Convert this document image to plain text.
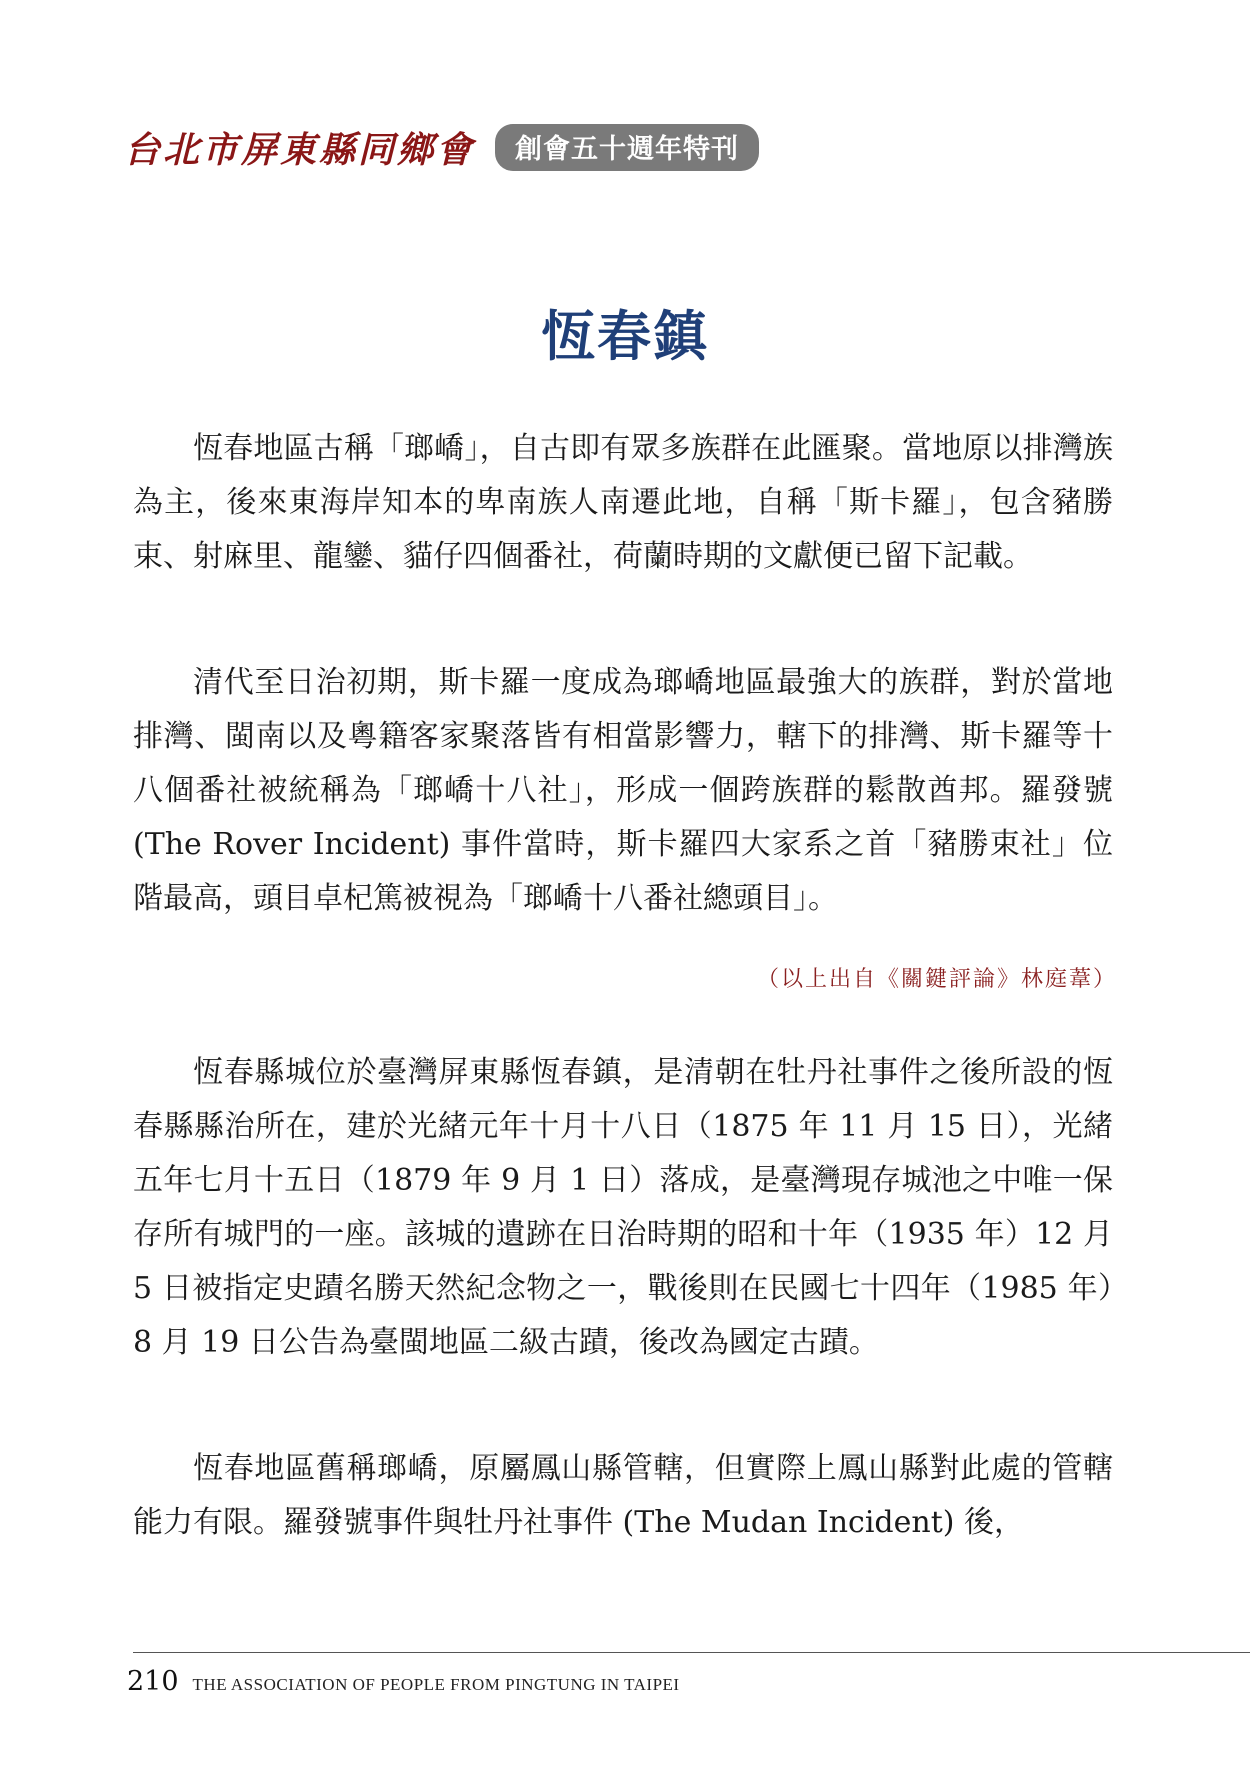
台北市屏東縣同鄉會	創會五十週年特刊
恆春鎮

恆春地區古稱「瑯嶠」，自古即有眾多族群在此匯聚。當地原以排灣族為主，後來東海岸知本的卑南族人南遷此地，自稱「斯卡羅」，包含豬勝束、射麻里、龍鑾、貓仔四個番社，荷蘭時期的文獻便已留下記載。

清代至日治初期，斯卡羅一度成為瑯嶠地區最強大的族群，對於當地排灣、閩南以及粵籍客家聚落皆有相當影響力，轄下的排灣、斯卡羅等十八個番社被統稱為「瑯嶠十八社」，形成一個跨族群的鬆散酋邦。羅發號 (The Rover Incident) 事件當時，斯卡羅四大家系之首「豬勝束社」位階最高，頭目卓杞篤被視為「瑯嶠十八番社總頭目」。

（以上出自《關鍵評論》林庭葦）

恆春縣城位於臺灣屏東縣恆春鎮，是清朝在牡丹社事件之後所設的恆春縣縣治所在，建於光緒元年十月十八日（1875 年 11 月 15 日），光緒五年七月十五日（1879 年 9 月 1 日）落成，是臺灣現存城池之中唯一保存所有城門的一座。該城的遺跡在日治時期的昭和十年（1935 年）12 月 5 日被指定史蹟名勝天然紀念物之一，戰後則在民國七十四年（1985 年）8 月 19 日公告為臺閩地區二級古蹟，後改為國定古蹟。

恆春地區舊稱瑯嶠，原屬鳳山縣管轄，但實際上鳳山縣對此處的管轄能力有限。羅發號事件與牡丹社事件 (The Mudan Incident) 後，

210 THE ASSOCIATION OF PEOPLE FROM PINGTUNG IN TAIPEI
